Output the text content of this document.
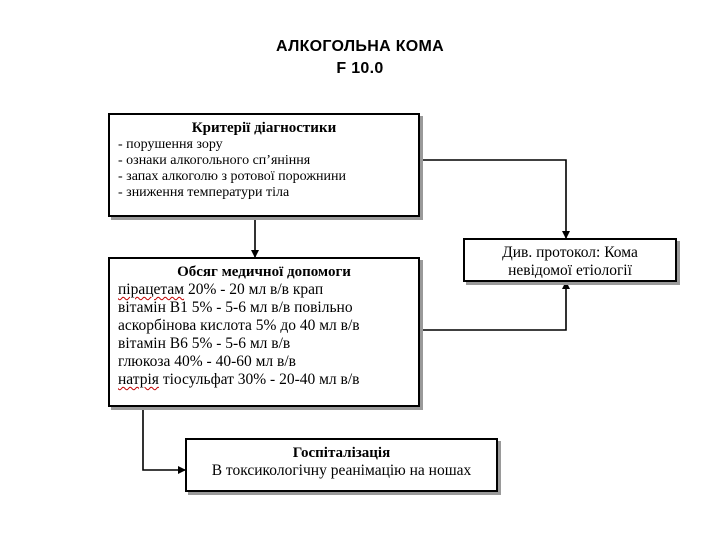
АЛКОГОЛЬНА КОМА
F 10.0
Критерії діагностики
- порушення зору
- ознаки алкогольного сп’яніння
- запах алкоголю з ротової порожнини
- зниження температури тіла
Див. протокол: Кома
невідомої етіології
Обсяг медичної допомоги
пірацетам 20% - 20 мл в/в крап
вітамін В1 5% - 5-6 мл в/в повільно
аскорбінова кислота 5% до 40 мл в/в
вітамін В6 5% - 5-6 мл в/в
глюкоза 40% - 40-60 мл в/в
натрія тіосульфат 30% - 20-40 мл в/в
Госпіталізація
В токсикологічну реанімацію на ношах
